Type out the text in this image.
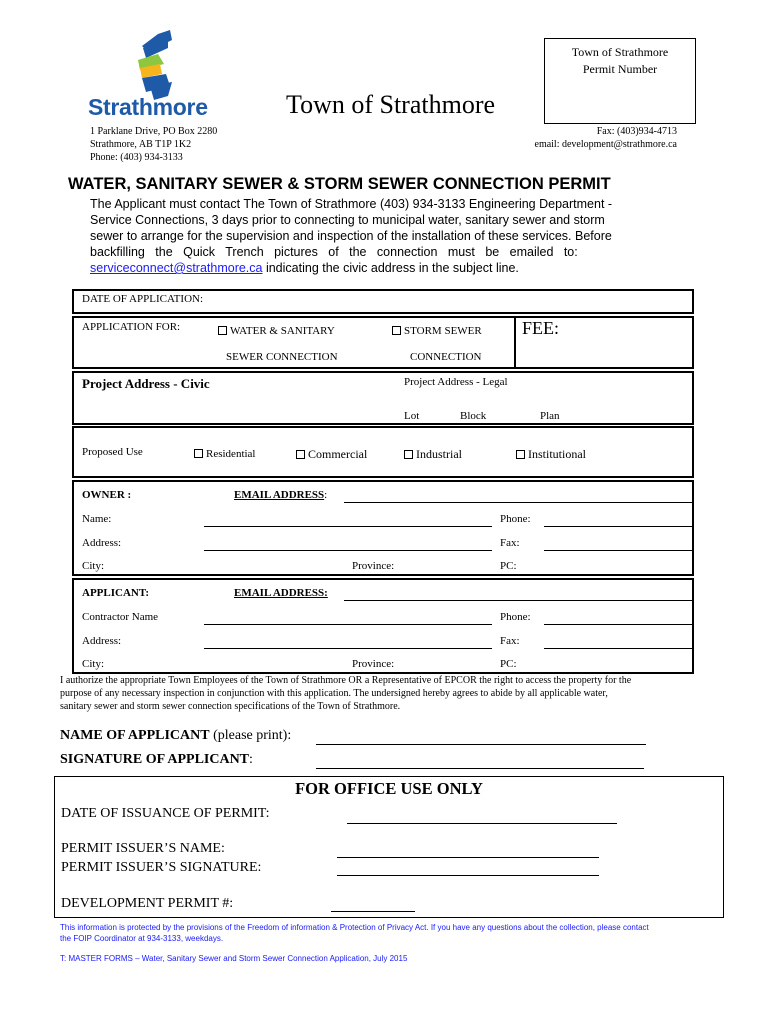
Strathmore	Town of Strathmore
Town of Strathmore
Permit Number
1 Parklane Drive, PO Box 2280
Strathmore, AB T1P 1K2
Phone: (403) 934-3133
Fax: (403)934-4713
email: development@strathmore.ca
WATER, SANITARY SEWER & STORM SEWER CONNECTION PERMIT
The Applicant must contact The Town of Strathmore (403) 934-3133 Engineering Department -
Service Connections, 3 days prior to connecting to municipal water, sanitary sewer and storm
sewer to arrange for the supervision and inspection of the installation of these services. Before
backfilling   the   Quick   Trench   pictures   of   the   connection   must   be   emailed   to:
serviceconnect@strathmore.ca indicating the civic address in the subject line.
DATE OF APPLICATION:
APPLICATION FOR:	WATER & SANITARY
SEWER CONNECTION
STORM SEWER
CONNECTION
FEE:
Project Address - Civic	Project Address - Legal
Lot	Block	Plan
Proposed Use	Residential	Commercial	Industrial	Institutional
OWNER :	EMAIL ADDRESS:
Name:	Phone:
Address:	Fax:
City:	Province:	PC:
APPLICANT:	EMAIL ADDRESS:
Contractor Name	Phone:
Address:	Fax:
City:	Province:	PC:
I authorize the appropriate Town Employees of the Town of Strathmore OR a Representative of EPCOR the right to access the property for the
purpose of any necessary inspection in conjunction with this application. The undersigned hereby agrees to abide by all applicable water,
sanitary sewer and storm sewer connection specifications of the Town of Strathmore.
NAME OF APPLICANT (please print):
SIGNATURE OF APPLICANT:
FOR OFFICE USE ONLY
DATE OF ISSUANCE OF PERMIT:
PERMIT ISSUER’S NAME:
PERMIT ISSUER’S SIGNATURE:
DEVELOPMENT PERMIT #:
This information is protected by the provisions of the Freedom of information & Protection of Privacy Act. If you have any questions about the collection, please contact
the FOIP Coordinator at 934-3133, weekdays.
T: MASTER FORMS – Water, Sanitary Sewer and Storm Sewer Connection Application, July 2015
